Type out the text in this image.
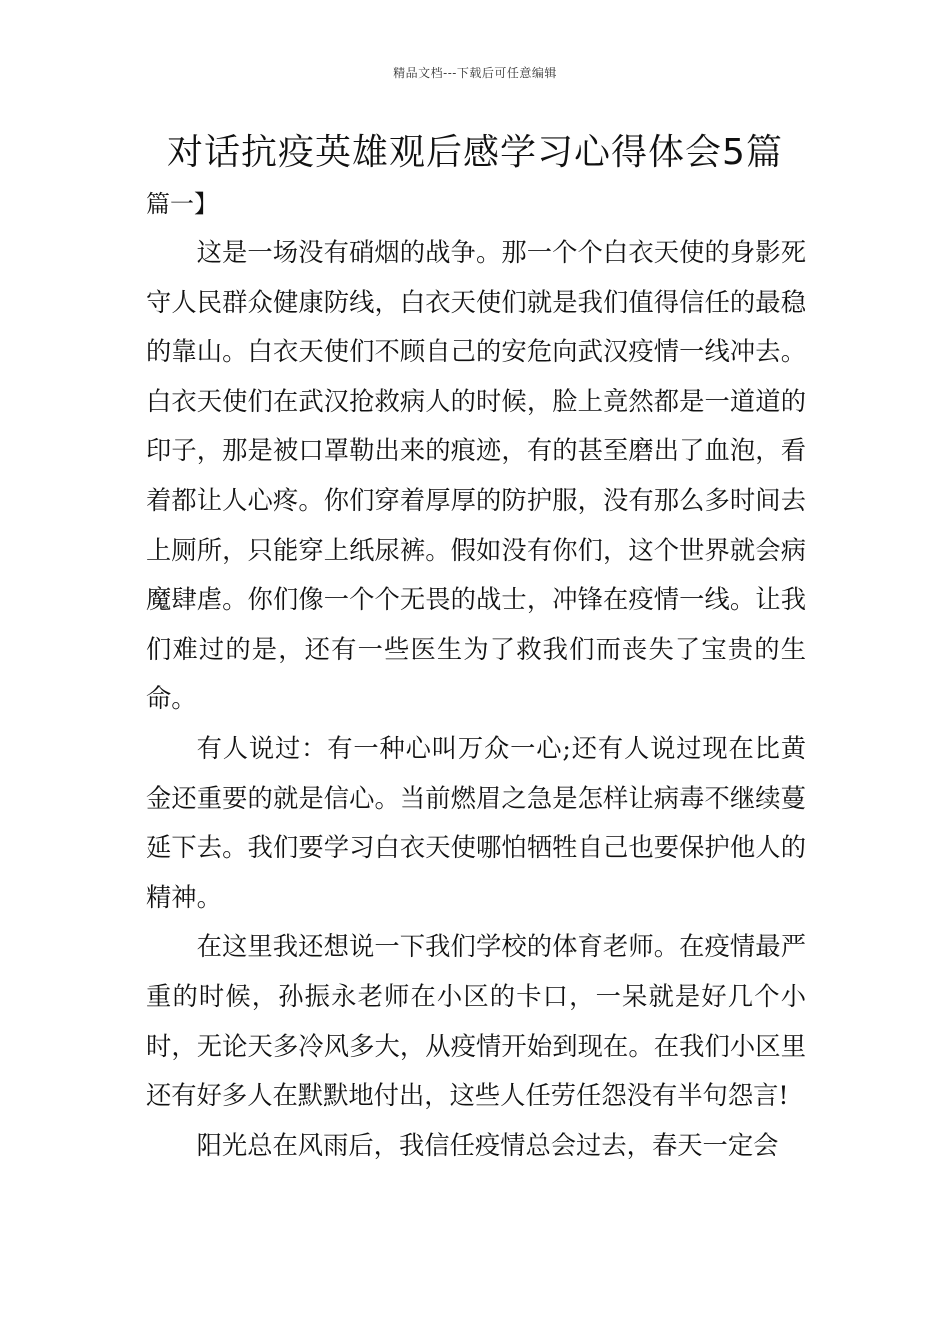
精品文档---下载后可任意编辑
对话抗疫英雄观后感学习心得体会5篇
篇一】

这是一场没有硝烟的战争。那一个个白衣天使的身影死守人民群众健康防线，白衣天使们就是我们值得信任的最稳的靠山。白衣天使们不顾自己的安危向武汉疫情一线冲去。白衣天使们在武汉抢救病人的时候，脸上竟然都是一道道的印子，那是被口罩勒出来的痕迹，有的甚至磨出了血泡，看着都让人心疼。你们穿着厚厚的防护服，没有那么多时间去上厕所，只能穿上纸尿裤。假如没有你们，这个世界就会病魔肆虐。你们像一个个无畏的战士，冲锋在疫情一线。让我们难过的是，还有一些医生为了救我们而丧失了宝贵的生命。

有人说过：有一种心叫万众一心;还有人说过现在比黄金还重要的就是信心。当前燃眉之急是怎样让病毒不继续蔓延下去。我们要学习白衣天使哪怕牺牲自己也要保护他人的精神。

在这里我还想说一下我们学校的体育老师。在疫情最严重的时候，孙振永老师在小区的卡口，一呆就是好几个小时，无论天多冷风多大，从疫情开始到现在。在我们小区里还有好多人在默默地付出，这些人任劳任怨没有半句怨言!

阳光总在风雨后，我信任疫情总会过去，春天一定会
